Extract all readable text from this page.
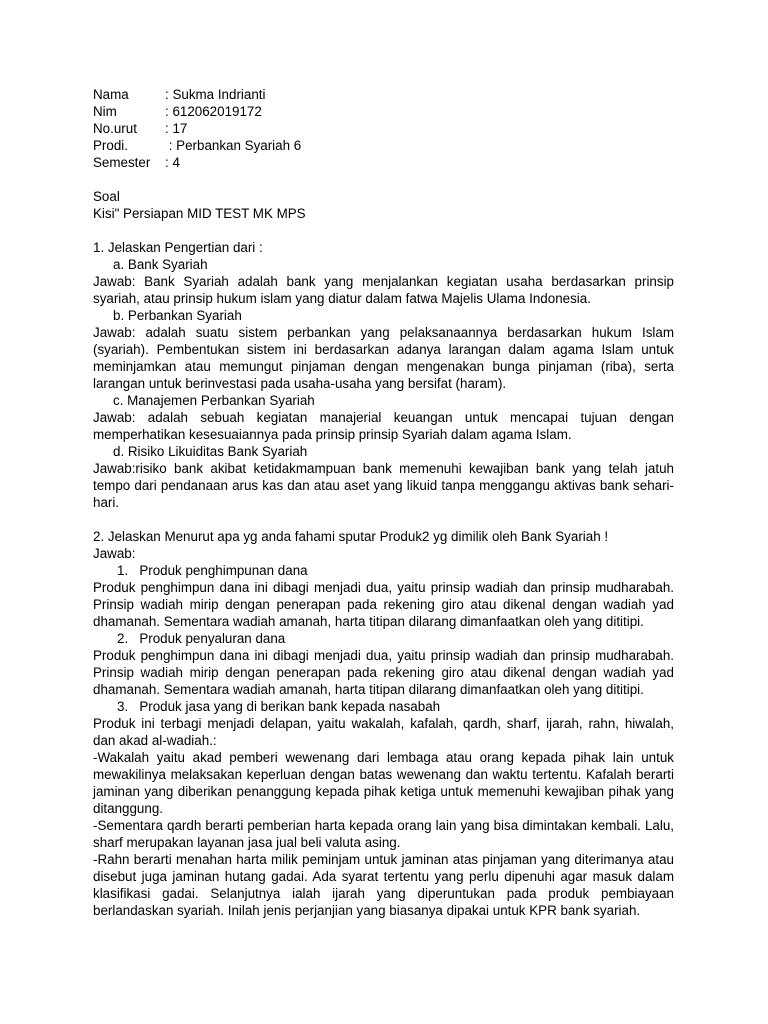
Nama	: Sukma Indrianti
Nim	: 612062019172
No.urut	: 17
Prodi.	: Perbankan Syariah 6
Semester	: 4
Soal
Kisi" Persiapan MID TEST MK MPS
1. Jelaskan Pengertian dari :
a. Bank Syariah
Jawab: Bank Syariah adalah bank yang menjalankan kegiatan usaha berdasarkan prinsip syariah, atau prinsip hukum islam yang diatur dalam fatwa Majelis Ulama Indonesia.
b. Perbankan Syariah
Jawab: adalah suatu sistem perbankan yang pelaksanaannya berdasarkan hukum Islam (syariah). Pembentukan sistem ini berdasarkan adanya larangan dalam agama Islam untuk meminjamkan atau memungut pinjaman dengan mengenakan bunga pinjaman (riba), serta larangan untuk berinvestasi pada usaha-usaha yang bersifat (haram).
c. Manajemen Perbankan Syariah
Jawab: adalah sebuah kegiatan manajerial keuangan untuk mencapai tujuan dengan memperhatikan kesesuaiannya pada prinsip prinsip Syariah dalam agama Islam.
d. Risiko Likuiditas Bank Syariah
Jawab:risiko bank akibat ketidakmampuan bank memenuhi kewajiban bank yang telah jatuh tempo dari pendanaan arus kas dan atau aset yang likuid tanpa menggangu aktivas bank sehari-hari.
2. Jelaskan Menurut apa yg anda fahami sputar Produk2 yg dimilik oleh Bank Syariah !
Jawab:
1.   Produk penghimpunan dana
Produk penghimpun dana ini dibagi menjadi dua, yaitu prinsip wadiah dan prinsip mudharabah. Prinsip wadiah mirip dengan penerapan pada rekening giro atau dikenal dengan wadiah yad dhamanah. Sementara wadiah amanah, harta titipan dilarang dimanfaatkan oleh yang dititipi.
2.   Produk penyaluran dana
Produk penghimpun dana ini dibagi menjadi dua, yaitu prinsip wadiah dan prinsip mudharabah. Prinsip wadiah mirip dengan penerapan pada rekening giro atau dikenal dengan wadiah yad dhamanah. Sementara wadiah amanah, harta titipan dilarang dimanfaatkan oleh yang dititipi.
3.   Produk jasa yang di berikan bank kepada nasabah
Produk ini terbagi menjadi delapan, yaitu wakalah, kafalah, qardh, sharf, ijarah, rahn, hiwalah, dan akad al-wadiah.:
-Wakalah yaitu akad pemberi wewenang dari lembaga atau orang kepada pihak lain untuk mewakilinya melaksakan keperluan dengan batas wewenang dan waktu tertentu. Kafalah berarti jaminan yang diberikan penanggung kepada pihak ketiga untuk memenuhi kewajiban pihak yang ditanggung.
-Sementara qardh berarti pemberian harta kepada orang lain yang bisa dimintakan kembali. Lalu, sharf merupakan layanan jasa jual beli valuta asing.
-Rahn berarti menahan harta milik peminjam untuk jaminan atas pinjaman yang diterimanya atau disebut juga jaminan hutang gadai. Ada syarat tertentu yang perlu dipenuhi agar masuk dalam klasifikasi gadai. Selanjutnya ialah ijarah yang diperuntukan pada produk pembiayaan berlandaskan syariah. Inilah jenis perjanjian yang biasanya dipakai untuk KPR bank syariah.
